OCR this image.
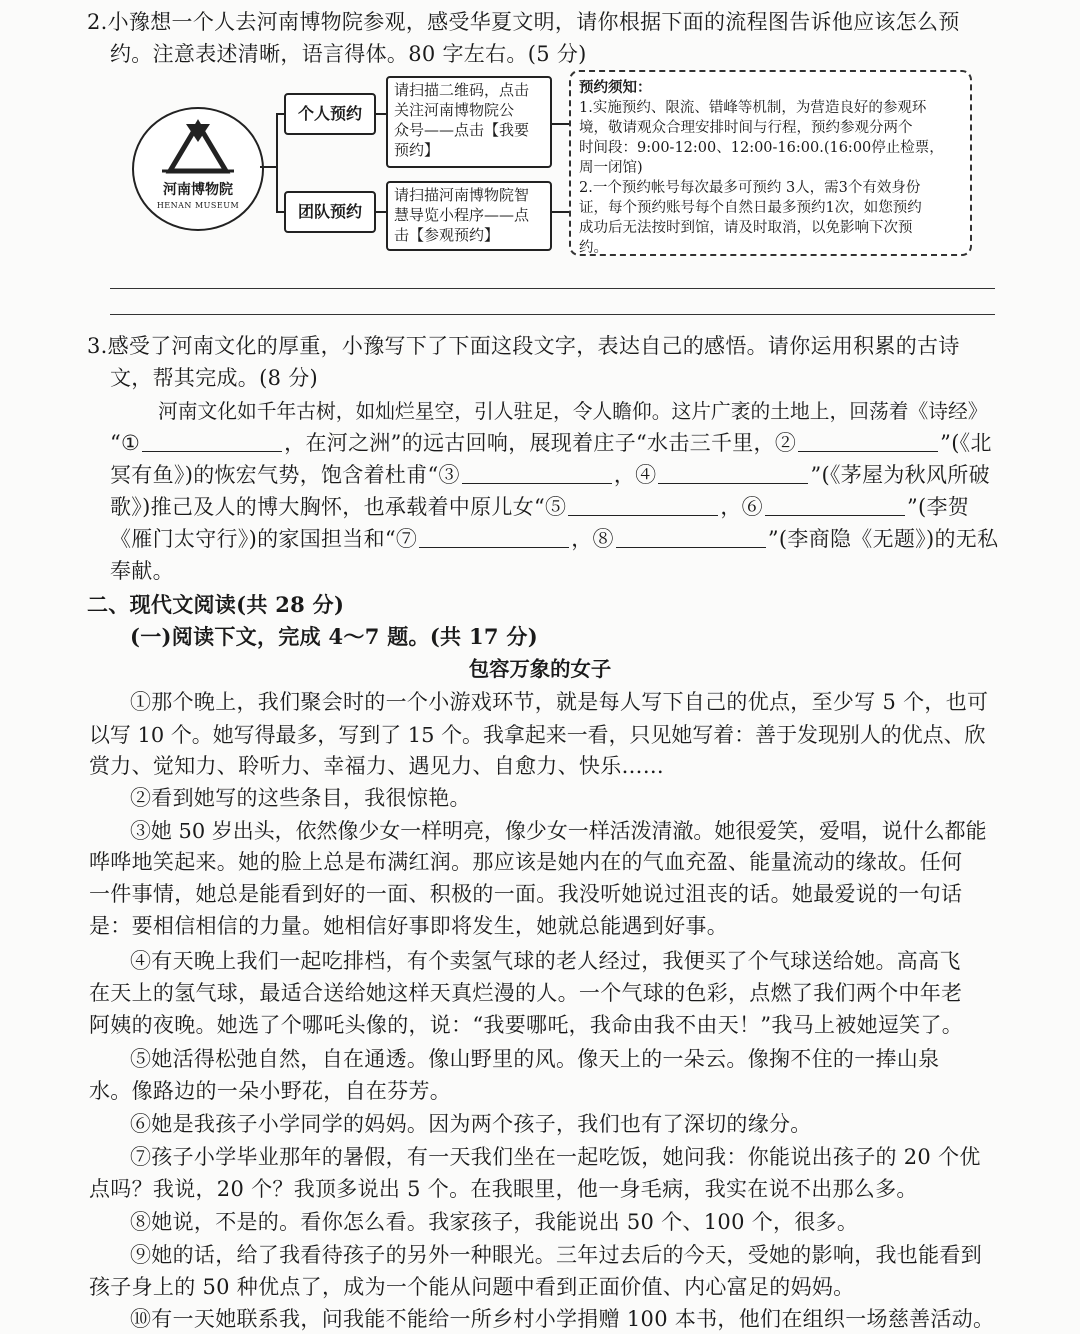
2.小豫想一个人去河南博物院参观，感受华夏文明，请你根据下面的流程图告诉他应该怎么预
约。注意表述清晰，语言得体。80 字左右。(5 分)
河南博物院
HENAN MUSEUM
个人预约
团队预约
请扫描二维码，点击
关注河南博物院公
众号——点击【我要
预约】
请扫描河南博物院智
慧导览小程序——点
击【参观预约】
预约须知：
1.实施预约、限流、错峰等机制，为营造良好的参观环
境，敬请观众合理安排时间与行程，预约参观分两个
时间段：9:00-12:00、12:00-16:00.(16:00停止检票，
周一闭馆)
2.一个预约帐号每次最多可预约 3人，需3个有效身份
证，每个预约账号每个自然日最多预约1次，如您预约
成功后无法按时到馆，请及时取消，以免影响下次预
约。
3.感受了河南文化的厚重，小豫写下了下面这段文字，表达自己的感悟。请你运用积累的古诗
文，帮其完成。(8 分)
河南文化如千年古树，如灿烂星空，引人驻足，令人瞻仰。这片广袤的土地上，回荡着《诗经》
“①	，在河之洲”的远古回响，展现着庄子“水击三千里，②	”(《北
冥有鱼》)的恢宏气势，饱含着杜甫“③	，④	”(《茅屋为秋风所破
歌》)推己及人的博大胸怀，也承载着中原儿女“⑤	，⑥	”(李贺
《雁门太守行》)的家国担当和“⑦	，⑧	”(李商隐《无题》)的无私
奉献。
二、现代文阅读(共 28 分)
(一)阅读下文，完成 4～7 题。(共 17 分)
包容万象的女子
①那个晚上，我们聚会时的一个小游戏环节，就是每人写下自己的优点，至少写 5 个，也可
以写 10 个。她写得最多，写到了 15 个。我拿起来一看，只见她写着：善于发现别人的优点、欣
赏力、觉知力、聆听力、幸福力、遇见力、自愈力、快乐……
②看到她写的这些条目，我很惊艳。
③她 50 岁出头，依然像少女一样明亮，像少女一样活泼清澈。她很爱笑，爱唱，说什么都能
哗哗地笑起来。她的脸上总是布满红润。那应该是她内在的气血充盈、能量流动的缘故。任何
一件事情，她总是能看到好的一面、积极的一面。我没听她说过沮丧的话。她最爱说的一句话
是：要相信相信的力量。她相信好事即将发生，她就总能遇到好事。
④有天晚上我们一起吃排档，有个卖氢气球的老人经过，我便买了个气球送给她。高高飞
在天上的氢气球，最适合送给她这样天真烂漫的人。一个气球的色彩，点燃了我们两个中年老
阿姨的夜晚。她选了个哪吒头像的，说：“我要哪吒，我命由我不由天！”我马上被她逗笑了。
⑤她活得松弛自然，自在通透。像山野里的风。像天上的一朵云。像掬不住的一捧山泉
水。像路边的一朵小野花，自在芬芳。
⑥她是我孩子小学同学的妈妈。因为两个孩子，我们也有了深切的缘分。
⑦孩子小学毕业那年的暑假，有一天我们坐在一起吃饭，她问我：你能说出孩子的 20 个优
点吗？我说，20 个？我顶多说出 5 个。在我眼里，他一身毛病，我实在说不出那么多。
⑧她说，不是的。看你怎么看。我家孩子，我能说出 50 个、100 个，很多。
⑨她的话，给了我看待孩子的另外一种眼光。三年过去后的今天，受她的影响，我也能看到
孩子身上的 50 种优点了，成为一个能从问题中看到正面价值、内心富足的妈妈。
⑩有一天她联系我，问我能不能给一所乡村小学捐赠 100 本书，他们在组织一场慈善活动。
